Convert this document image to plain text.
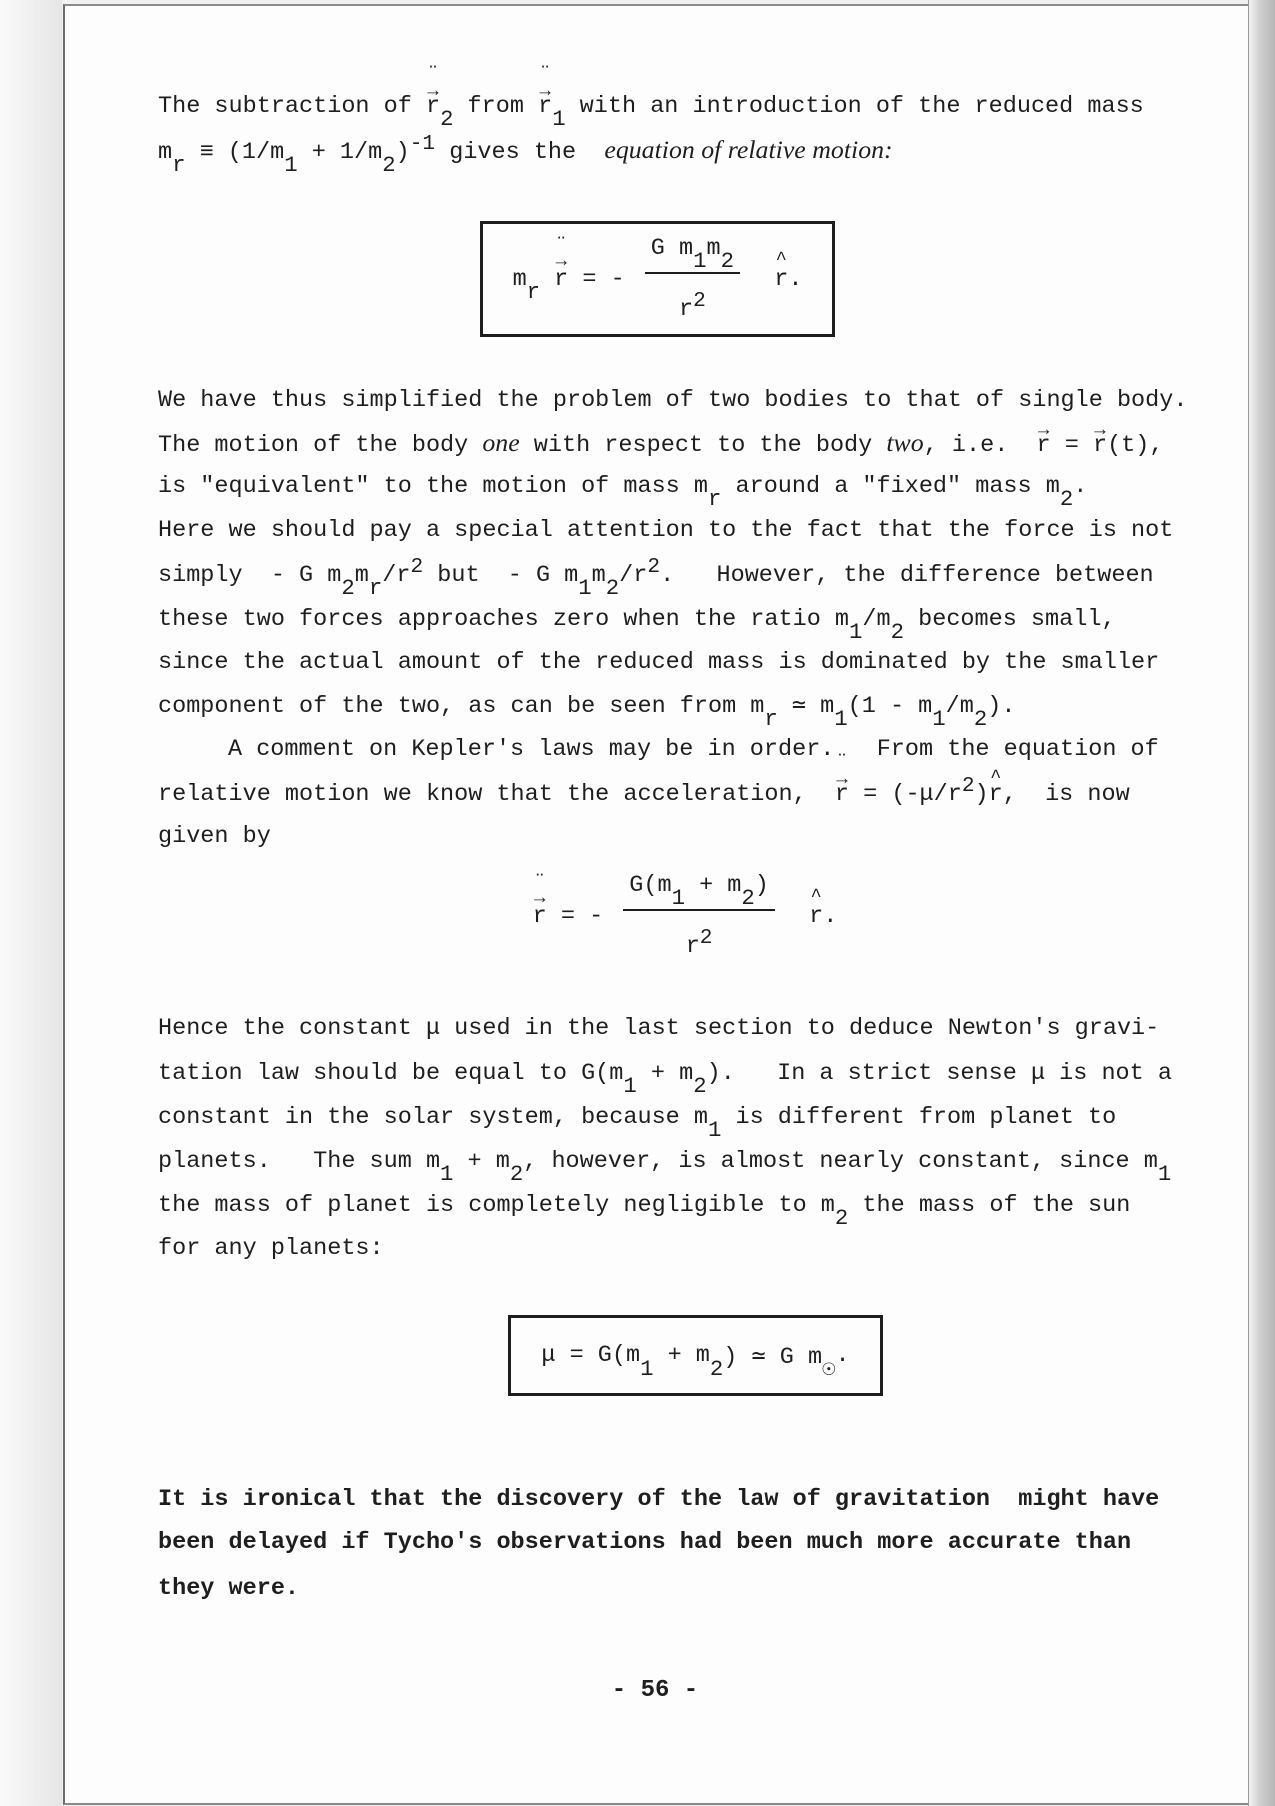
The subtraction of → r ¨2 from → r ¨1 with an introduction of the reduced mass
mr ≡ (1/m1 + 1/m2)-1 gives the  equation of relative motion:
m r
→ r ¨ = - $\frac{\text{G m1m2}}{r2}$
^ r .
We have thus simplified the problem of two bodies to that of single body.
The motion of the body one with respect to the body two, i.e.  → r = → r(t),
is "equivalent" to the motion of mass mr around a "fixed" mass m2.
Here we should pay a special attention to the fact that the force is not
simply  - G m2mr/r2 but  - G m1m2/r2.   However, the difference between
these two forces approaches zero when the ratio m1/m2 becomes small,
since the actual amount of the reduced mass is dominated by the smaller
component of the two, as can be seen from mr ≃ m1(1 - m1/m2).
A comment on Kepler's laws may be in order.   From the equation of
relative motion we know that the acceleration,  → r ¨ = (-μ/r2)^ r,  is now
given by
→ r ¨ = - $\frac{G(m1 + m2)}{r2}$
^ r .
Hence the constant μ used in the last section to deduce Newton's gravi-
tation law should be equal to G(m1 + m2).   In a strict sense μ is not a
constant in the solar system, because m1 is different from planet to
planets.   The sum m1 + m2, however, is almost nearly constant, since m1
the mass of planet is completely negligible to m2 the mass of the sun
for any planets:
μ = G(m 1 + m 2 ) ≃ G m ☉ .
It is ironical that the discovery of the law of gravitation  might have
been delayed if Tycho's observations had been much more accurate than
they were.
- 56 -
